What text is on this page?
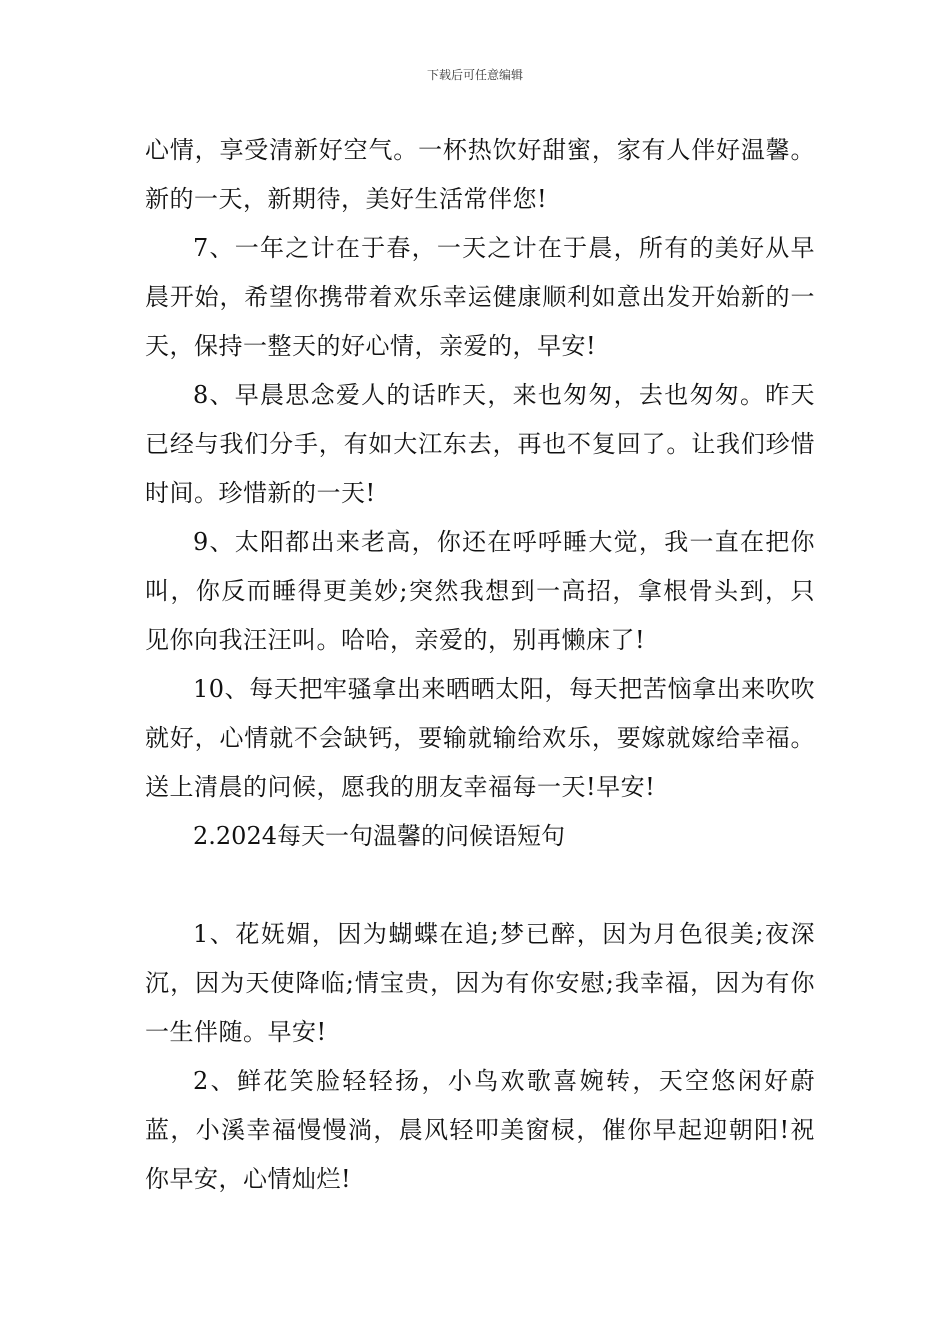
下载后可任意编辑

心情，享受清新好空气。一杯热饮好甜蜜，家有人伴好温馨。新的一天，新期待，美好生活常伴您!

7、一年之计在于春，一天之计在于晨，所有的美好从早晨开始，希望你携带着欢乐幸运健康顺利如意出发开始新的一天，保持一整天的好心情，亲爱的，早安!

8、早晨思念爱人的话昨天，来也匆匆，去也匆匆。昨天已经与我们分手，有如大江东去，再也不复回了。让我们珍惜时间。珍惜新的一天!

9、太阳都出来老高，你还在呼呼睡大觉，我一直在把你叫，你反而睡得更美妙;突然我想到一高招，拿根骨头到，只见你向我汪汪叫。哈哈，亲爱的，别再懒床了!

10、每天把牢骚拿出来晒晒太阳，每天把苦恼拿出来吹吹就好，心情就不会缺钙，要输就输给欢乐，要嫁就嫁给幸福。送上清晨的问候，愿我的朋友幸福每一天!早安!

2.2024每天一句温馨的问候语短句

1、花妩媚，因为蝴蝶在追;梦已醉，因为月色很美;夜深沉，因为天使降临;情宝贵，因为有你安慰;我幸福，因为有你一生伴随。早安!

2、鲜花笑脸轻轻扬，小鸟欢歌喜婉转，天空悠闲好蔚蓝，小溪幸福慢慢淌，晨风轻叩美窗棂，催你早起迎朝阳!祝你早安，心情灿烂!
